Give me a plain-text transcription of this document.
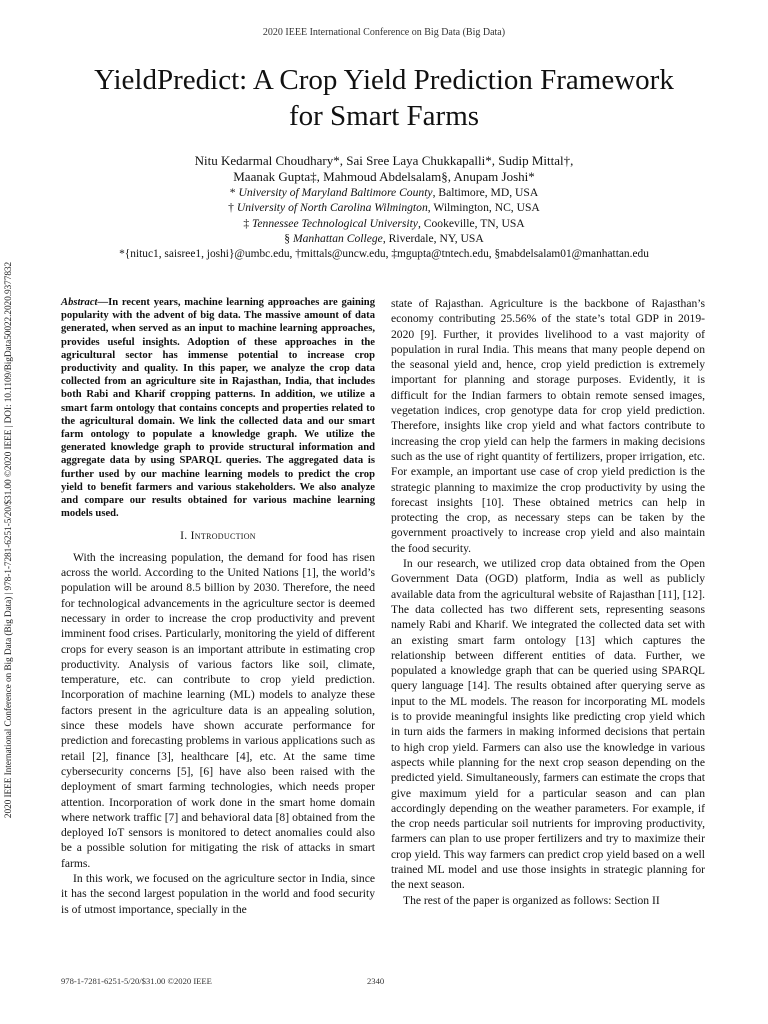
2020 IEEE International Conference on Big Data (Big Data)
2020 IEEE International Conference on Big Data (Big Data) | 978-1-7281-6251-5/20/$31.00 ©2020 IEEE | DOI: 10.1109/BigData50022.2020.9377832
YieldPredict: A Crop Yield Prediction Framework
for Smart Farms
Nitu Kedarmal Choudhary*, Sai Sree Laya Chukkapalli*, Sudip Mittal†,
Maanak Gupta‡, Mahmoud Abdelsalam§, Anupam Joshi*
* University of Maryland Baltimore County, Baltimore, MD, USA
† University of North Carolina Wilmington, Wilmington, NC, USA
‡ Tennessee Technological University, Cookeville, TN, USA
§ Manhattan College, Riverdale, NY, USA
*{nituc1, saisree1, joshi}@umbc.edu, †mittals@uncw.edu, ‡mgupta@tntech.edu, §mabdelsalam01@manhattan.edu
Abstract—In recent years, machine learning approaches are gaining popularity with the advent of big data. The massive amount of data generated, when served as an input to machine learning approaches, provides useful insights. Adoption of these approaches in the agricultural sector has immense potential to increase crop productivity and quality. In this paper, we analyze the crop data collected from an agriculture site in Rajasthan, India, that includes both Rabi and Kharif cropping patterns. In addition, we utilize a smart farm ontology that contains concepts and properties related to the agricultural domain. We link the collected data and our smart farm ontology to populate a knowledge graph. We utilize the generated knowledge graph to provide structural information and aggregate data by using SPARQL queries. The aggregated data is further used by our machine learning models to predict the crop yield to benefit farmers and various stakeholders. We also analyze and compare our results obtained for various machine learning models used.
I. Introduction

With the increasing population, the demand for food has risen across the world. According to the United Nations [1], the world’s population will be around 8.5 billion by 2030. Therefore, the need for technological advancements in the agriculture sector is deemed necessary in order to increase the crop productivity and prevent imminent food crises. Particularly, monitoring the yield of different crops for every season is an important attribute in estimating crop productivity. Analysis of various factors like soil, climate, temperature, etc. can contribute to crop yield prediction. Incorporation of machine learning (ML) models to analyze these factors present in the agriculture data is an appealing solution, since these models have shown accurate performance for prediction and forecasting problems in various applications such as retail [2], finance [3], healthcare [4], etc. At the same time cybersecurity concerns [5], [6] have also been raised with the deployment of smart farming technologies, which needs proper attention. Incorporation of work done in the smart home domain where network traffic [7] and behavioral data [8] obtained from the deployed IoT sensors is monitored to detect anomalies could also be a possible solution for mitigating the risk of attacks in smart farms.

In this work, we focused on the agriculture sector in India, since it has the second largest population in the world and food security is of utmost importance, specially in the

state of Rajasthan. Agriculture is the backbone of Rajasthan’s economy contributing 25.56% of the state’s total GDP in 2019-2020 [9]. Further, it provides livelihood to a vast majority of population in rural India. This means that many people depend on the seasonal yield and, hence, crop yield prediction is extremely important for planning and storage purposes. Evidently, it is difficult for the Indian farmers to obtain remote sensed images, vegetation indices, crop genotype data for crop yield prediction. Therefore, insights like crop yield and what factors contribute to increasing the crop yield can help the farmers in making decisions such as the use of right quantity of fertilizers, proper irrigation, etc. For example, an important use case of crop yield prediction is the strategic planning to maximize the crop productivity by using the forecast insights [10]. These obtained metrics can help in protecting the crop, as necessary steps can be taken by the government proactively to increase crop yield and also maintain the food security.

In our research, we utilized crop data obtained from the Open Government Data (OGD) platform, India as well as publicly available data from the agricultural website of Rajasthan [11], [12]. The data collected has two different sets, representing seasons namely Rabi and Kharif. We integrated the collected data set with an existing smart farm ontology [13] which captures the relationship between different entities of data. Further, we populated a knowledge graph that can be queried using SPARQL query language [14]. The results obtained after querying serve as input to the ML models. The reason for incorporating ML models is to provide meaningful insights like predicting crop yield which in turn aids the farmers in making informed decisions that pertain to high crop yield. Farmers can also use the knowledge in various aspects while planning for the next crop season depending on the predicted yield. Simultaneously, farmers can estimate the crops that give maximum yield for a particular season and can plan accordingly depending on the weather parameters. For example, if the crop needs particular soil nutrients for improving productivity, farmers can plan to use proper fertilizers and try to maximize their crop yield. This way farmers can predict crop yield based on a well trained ML model and use those insights in strategic planning for the next season.

The rest of the paper is organized as follows: Section II

978-1-7281-6251-5/20/$31.00 ©2020 IEEE	2340
